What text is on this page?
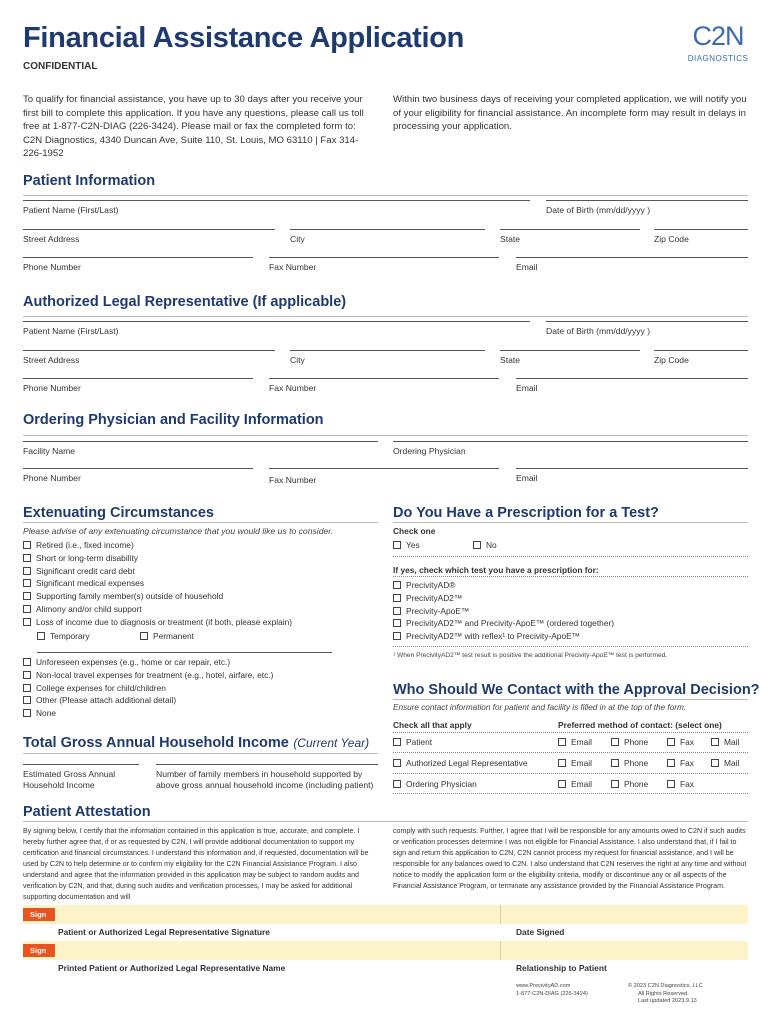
Financial Assistance Application
CONFIDENTIAL
C2N
DIAGNOSTICS
To qualify for financial assistance, you have up to 30 days after you receive your first bill to complete this application. If you have any questions, please call us toll free at 1-877-C2N-DIAG (226-3424). Please mail or fax the completed form to: C2N Diagnostics, 4340 Duncan Ave, Suite 110, St. Louis, MO 63110 | Fax 314-226-1952
Within two business days of receiving your completed application, we will notify you of your eligibility for financial assistance. An incomplete form may result in delays in processing your application.
Patient Information
Patient Name (First/Last)	Date of Birth (mm/dd/yyyy )
Street Address	City	State	Zip Code
Phone Number	Fax Number	Email
Authorized Legal Representative (If applicable)
Patient Name (First/Last)	Date of Birth (mm/dd/yyyy )
Street Address	City	State	Zip Code
Phone Number	Fax Number	Email
Ordering Physician and Facility Information
Facility Name	Ordering Physician
Phone Number	Fax Number	Email
Extenuating Circumstances
Please advise of any extenuating circumstance that you would like us to consider.
Retired (i.e., fixed income)
Short or long-term disability
Significant credit card debt
Significant medical expenses
Supporting family member(s) outside of household
Alimony and/or child support
Loss of income due to diagnosis or treatment (if both, please explain)
Temporary	Permanent
Unforeseen expenses (e.g., home or car repair, etc.)
Non-local travel expenses for treatment (e.g., hotel, airfare, etc.)
College expenses for child/children
Other (Please attach additional detail)
None
Do You Have a Prescription for a Test?
Check one
Yes	No
If yes, check which test you have a prescription for:
PrecivityAD®
PrecivityAD2™
Precivity-ApoE™
PrecivityAD2™ and Precivity-ApoE™ (ordered together)
PrecivityAD2™ with reflex¹ to Precivity-ApoE™
¹ When PrecivityAD2™ test result is positive the additional Precivity-ApoE™ test is performed.
Who Should We Contact with the Approval Decision?
Ensure contact information for patient and facility is filled in at the top of the form.
Check all that apply	Preferred method of contact: (select one)
Patient	Email	Phone	Fax	Mail
Authorized Legal Representative	Email	Phone	Fax	Mail
Ordering Physician	Email	Phone	Fax
Total Gross Annual Household Income (Current Year)
Estimated Gross Annual Household Income
Number of family members in household supported by above gross annual household income (including patient)
Patient Attestation
By signing below, I certify that the information contained in this application is true, accurate, and complete. I hereby further agree that, if or as requested by C2N, I will provide additional documentation to support my certification and financial circumstances. I understand this information and, if requested, documentation will be used by C2N to help determine or to confirm my eligibility for the C2N Financial Assistance Program. I also understand and agree that the information provided in this application may be subject to random audits and verification by C2N, and that, during such audits and verification processes, I may be asked for additional supporting documentation and will
comply with such requests. Further, I agree that I will be responsible for any amounts owed to C2N if such audits or verification processes determine I was not eligible for Financial Assistance. I also understand that, if I fail to sign and return this application to C2N, C2N cannot process my request for financial assistance, and I will be responsible for any balances owed to C2N. I also understand that C2N reserves the right at any time and without notice to modify the application form or the eligibility criteria, modify or discontinue any or all aspects of the Financial Assistance Program, or terminate any assistance provided by the Financial Assistance Program.
Sign
Patient or Authorized Legal Representative Signature	Date Signed
Sign
Printed Patient or Authorized Legal Representative Name	Relationship to Patient
www.PrecivityAD.com
1-877-C2N-DIAG (226-3424)
© 2023 C2N Diagnostics, LLC
All Rights Reserved.
Last updated 2023.9.13
